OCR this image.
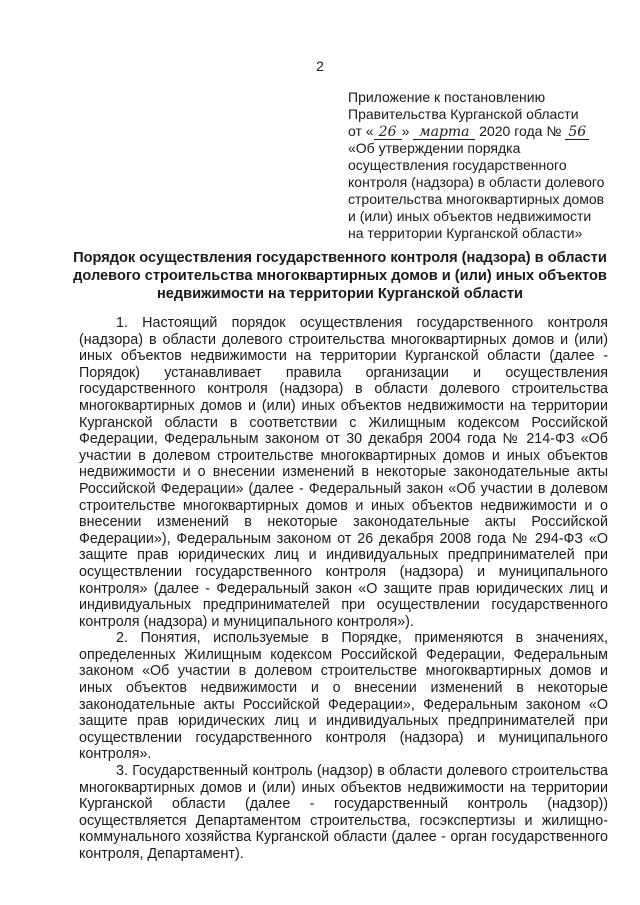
2
Приложение к постановлению
Правительства Курганской области
от « 26 » марта 2020 года № 56
«Об утверждении порядка
осуществления государственного
контроля (надзора) в области долевого
строительства многоквартирных домов
и (или) иных объектов недвижимости
на территории Курганской области»
Порядок осуществления государственного контроля (надзора) в области долевого строительства многоквартирных домов и (или) иных объектов недвижимости на территории Курганской области

1. Настоящий порядок осуществления государственного контроля (надзора) в области долевого строительства многоквартирных домов и (или) иных объектов недвижимости на территории Курганской области (далее - Порядок) устанавливает правила организации и осуществления государственного контроля (надзора) в области долевого строительства многоквартирных домов и (или) иных объектов недвижимости на территории Курганской области в соответствии с Жилищным кодексом Российской Федерации, Федеральным законом от 30 декабря 2004 года № 214-ФЗ «Об участии в долевом строительстве многоквартирных домов и иных объектов недвижимости и о внесении изменений в некоторые законодательные акты Российской Федерации» (далее - Федеральный закон «Об участии в долевом строительстве многоквартирных домов и иных объектов недвижимости и о внесении изменений в некоторые законодательные акты Российской Федерации»), Федеральным законом от 26 декабря 2008 года № 294-ФЗ «О защите прав юридических лиц и индивидуальных предпринимателей при осуществлении государственного контроля (надзора) и муниципального контроля» (далее - Федеральный закон «О защите прав юридических лиц и индивидуальных предпринимателей при осуществлении государственного контроля (надзора) и муниципального контроля»).

2. Понятия, используемые в Порядке, применяются в значениях, определенных Жилищным кодексом Российской Федерации, Федеральным законом «Об участии в долевом строительстве многоквартирных домов и иных объектов недвижимости и о внесении изменений в некоторые законодательные акты Российской Федерации», Федеральным законом «О защите прав юридических лиц и индивидуальных предпринимателей при осуществлении государственного контроля (надзора) и муниципального контроля».

3. Государственный контроль (надзор) в области долевого строительства многоквартирных домов и (или) иных объектов недвижимости на территории Курганской области (далее - государственный контроль (надзор)) осуществляется Департаментом строительства, госэкспертизы и жилищно-коммунального хозяйства Курганской области (далее - орган государственного контроля, Департамент).
